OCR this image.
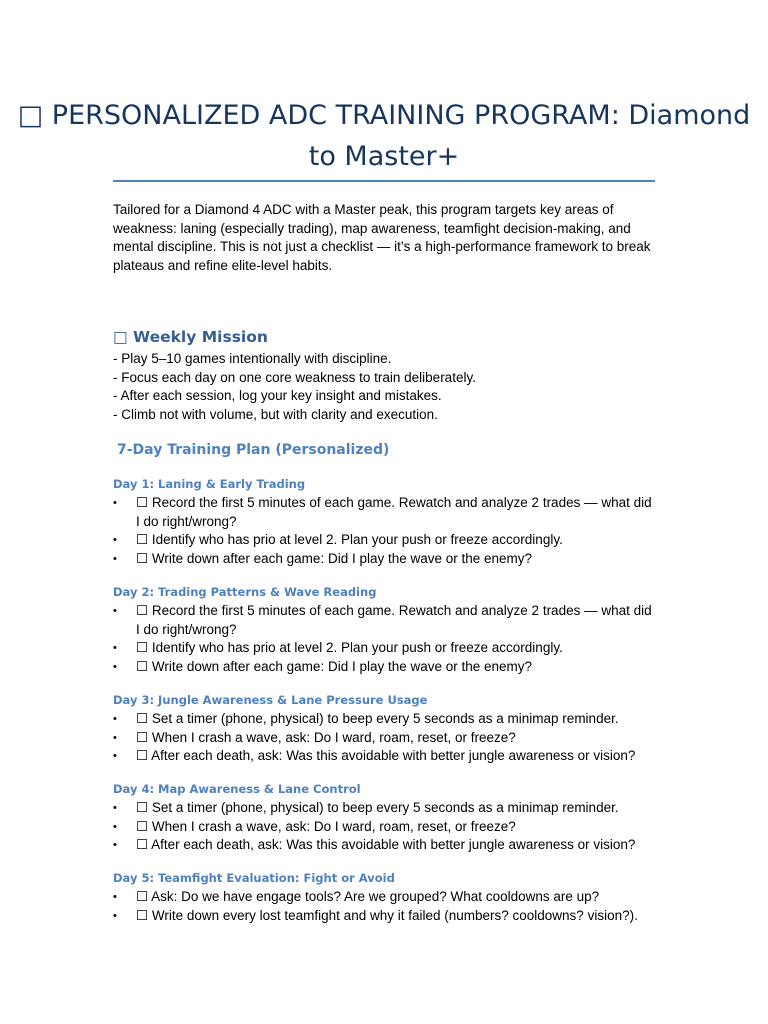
□ PERSONALIZED ADC TRAINING PROGRAM: Diamond to Master+
Tailored for a Diamond 4 ADC with a Master peak, this program targets key areas of weakness: laning (especially trading), map awareness, teamfight decision-making, and mental discipline. This is not just a checklist — it’s a high-performance framework to break plateaus and refine elite-level habits.
□ Weekly Mission
- Play 5–10 games intentionally with discipline.
- Focus each day on one core weakness to train deliberately.
- After each session, log your key insight and mistakes.
- Climb not with volume, but with clarity and execution.
7-Day Training Plan (Personalized)
Day 1: Laning & Early Trading
•	☐ Record the first 5 minutes of each game. Rewatch and analyze 2 trades — what did I do right/wrong?
•	☐ Identify who has prio at level 2. Plan your push or freeze accordingly.
•	☐ Write down after each game: Did I play the wave or the enemy?
Day 2: Trading Patterns & Wave Reading
•	☐ Record the first 5 minutes of each game. Rewatch and analyze 2 trades — what did I do right/wrong?
•	☐ Identify who has prio at level 2. Plan your push or freeze accordingly.
•	☐ Write down after each game: Did I play the wave or the enemy?
Day 3: Jungle Awareness & Lane Pressure Usage
•	☐ Set a timer (phone, physical) to beep every 5 seconds as a minimap reminder.
•	☐ When I crash a wave, ask: Do I ward, roam, reset, or freeze?
•	☐ After each death, ask: Was this avoidable with better jungle awareness or vision?
Day 4: Map Awareness & Lane Control
•	☐ Set a timer (phone, physical) to beep every 5 seconds as a minimap reminder.
•	☐ When I crash a wave, ask: Do I ward, roam, reset, or freeze?
•	☐ After each death, ask: Was this avoidable with better jungle awareness or vision?
Day 5: Teamfight Evaluation: Fight or Avoid
•	☐ Ask: Do we have engage tools? Are we grouped? What cooldowns are up?
•	☐ Write down every lost teamfight and why it failed (numbers? cooldowns? vision?).
